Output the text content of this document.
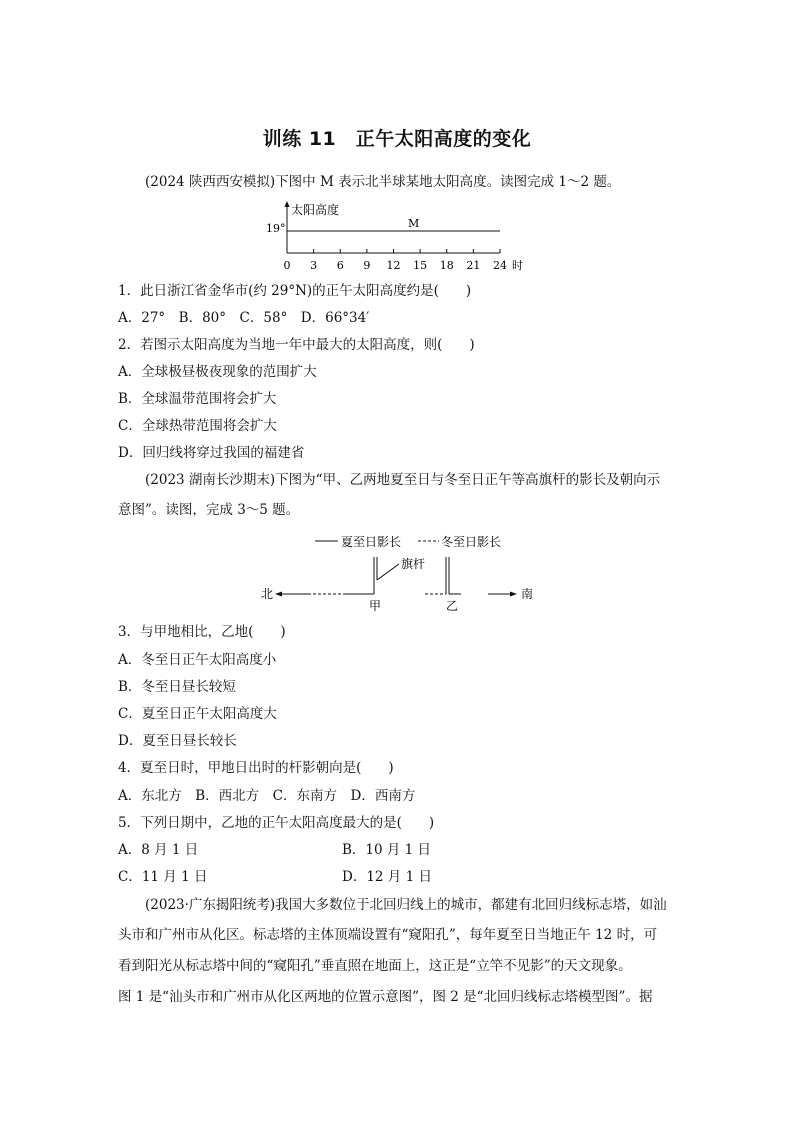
训练 11　正午太阳高度的变化
(2024 陕西西安模拟)下图中 M 表示北半球某地太阳高度。读图完成 1～2 题。
太阳高度
19°	M
0 3 6 9 12 15 18 21 24 时
1．此日浙江省金华市(约 29°N)的正午太阳高度约是(　　)
A．27°　B．80°　C．58°　D．66°34′
2．若图示太阳高度为当地一年中最大的太阳高度，则(　　)
A．全球极昼极夜现象的范围扩大
B．全球温带范围将会扩大
C．全球热带范围将会扩大
D．回归线将穿过我国的福建省
(2023 湖南长沙期末)下图为“甲、乙两地夏至日与冬至日正午等高旗杆的影长及朝向示
意图”。读图，完成 3～5 题。
夏至日影长	冬至日影长
北
旗杆
甲	乙
南
3．与甲地相比，乙地(　　)
A．冬至日正午太阳高度小
B．冬至日昼长较短
C．夏至日正午太阳高度大
D．夏至日昼长较长
4．夏至日时，甲地日出时的杆影朝向是(　　)
A．东北方　B．西北方　C．东南方　D．西南方
5．下列日期中，乙地的正午太阳高度最大的是(　　)
A．8 月 1 日	B．10 月 1 日
C．11 月 1 日	D．12 月 1 日
(2023·广东揭阳统考)我国大多数位于北回归线上的城市，都建有北回归线标志塔，如汕
头市和广州市从化区。标志塔的主体顶端设置有“窥阳孔”，每年夏至日当地正午 12 时，可
看到阳光从标志塔中间的“窥阳孔”垂直照在地面上，这正是“立竿不见影”的天文现象。
图 1 是“汕头市和广州市从化区两地的位置示意图”，图 2 是“北回归线标志塔模型图”。据
